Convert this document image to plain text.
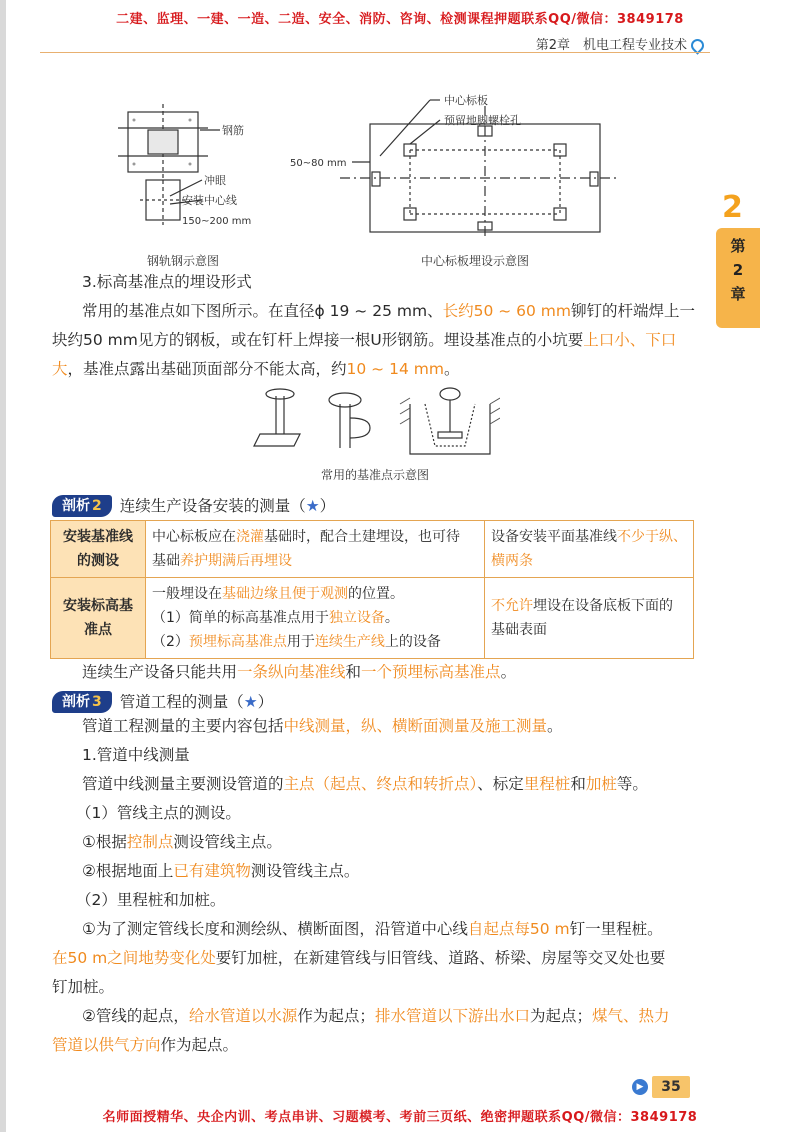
二建、监理、一建、一造、二造、安全、消防、咨询、检测课程押题联系QQ/微信：3849178
第2章　机电工程专业技术
2
第
2
章
钢筋
冲眼
安装中心线
150~200 mm
钢轨钢示意图
中心标板
预留地脚螺栓孔
50~80 mm
中心标板埋设示意图
3.标高基准点的埋设形式
常用的基准点如下图所示。在直径ϕ 19 ~ 25 mm、长约50 ~ 60 mm铆钉的杆端焊上一
块约50 mm见方的钢板，或在钉杆上焊接一根U形钢筋。埋设基准点的小坑要上口小、下口
大，基准点露出基础顶面部分不能太高，约10 ~ 14 mm。
常用的基准点示意图
剖析 2	连续生产设备安装的测量（ ★ ）
安装基准线的测设	中心标板应在浇灌基础时，配合土建埋设，也可待
基础养护期满后再埋设	设备安装平面基准线不少于纵、横两条
安装标高基准点	一般埋设在基础边缘且便于观测的位置。
（1）简单的标高基准点用于独立设备。
（2）预埋标高基准点用于连续生产线上的设备	不允许埋设在设备底板下面的
基础表面
连续生产设备只能共用一条纵向基准线和一个预埋标高基准点。
剖析 3	管道工程的测量（ ★ ）
管道工程测量的主要内容包括中线测量，纵、横断面测量及施工测量。
1.管道中线测量
管道中线测量主要测设管道的主点（起点、终点和转折点）、标定里程桩和加桩等。
（1）管线主点的测设。
①根据控制点测设管线主点。
②根据地面上已有建筑物测设管线主点。
（2）里程桩和加桩。
①为了测定管线长度和测绘纵、横断面图，沿管道中心线自起点每50 m钉一里程桩。
在50 m之间地势变化处要钉加桩，在新建管线与旧管线、道路、桥梁、房屋等交叉处也要
钉加桩。
②管线的起点，给水管道以水源作为起点；排水管道以下游出水口为起点；煤气、热力
管道以供气方向作为起点。
▶ 35
名师面授精华、央企内训、考点串讲、习题模考、考前三页纸、绝密押题联系QQ/微信：3849178
